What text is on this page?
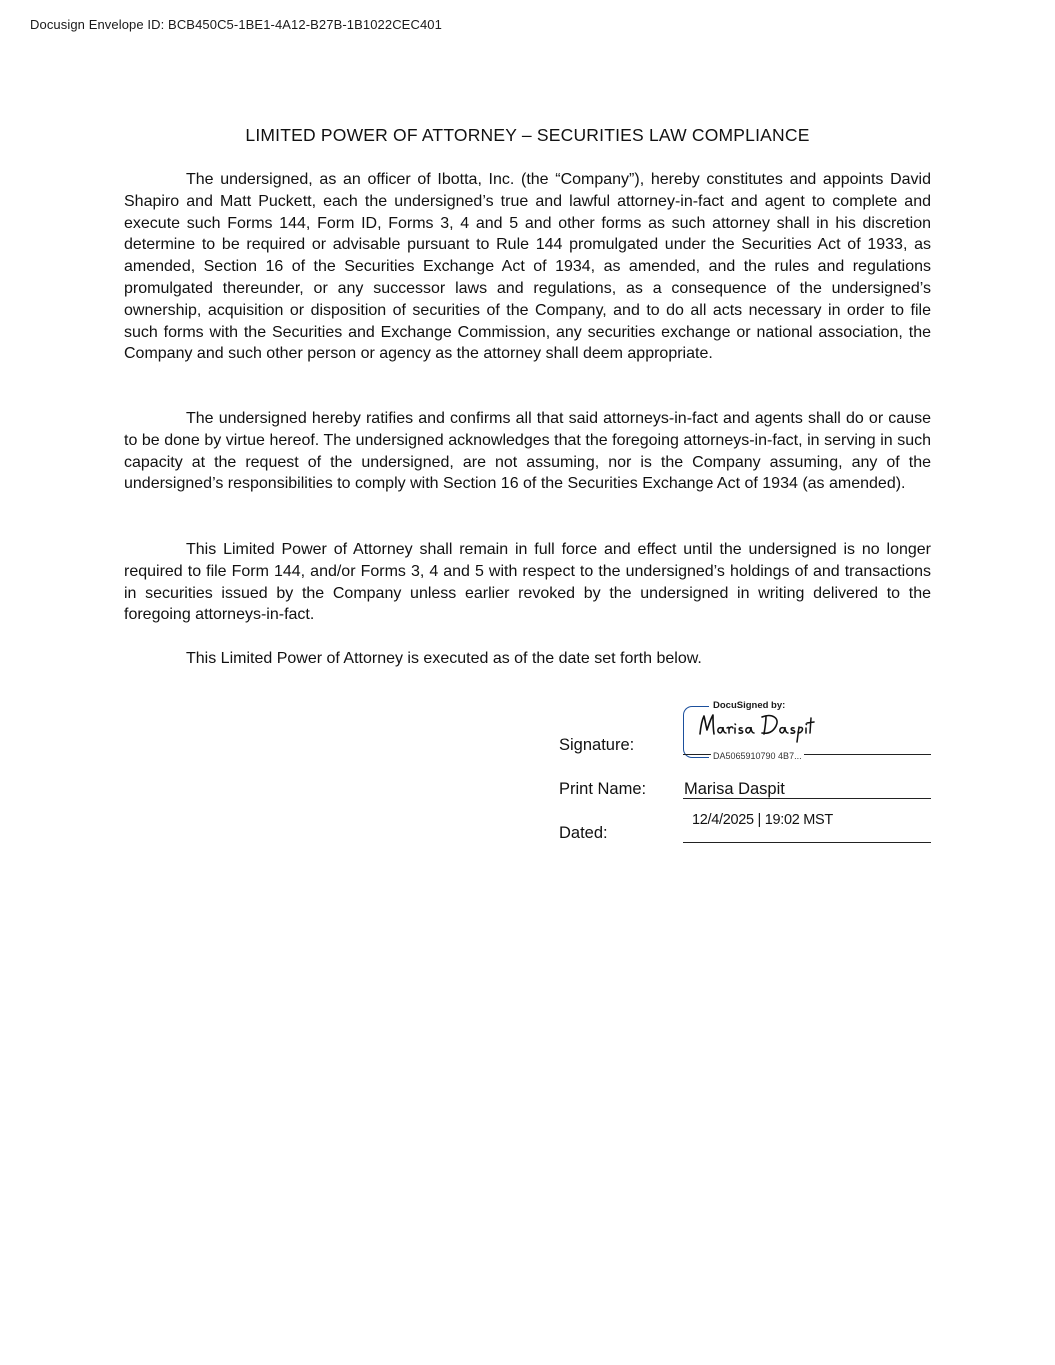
Docusign Envelope ID: BCB450C5-1BE1-4A12-B27B-1B1022CEC401
LIMITED POWER OF ATTORNEY – SECURITIES LAW COMPLIANCE

The undersigned, as an officer of Ibotta, Inc. (the “Company”), hereby constitutes and appoints David Shapiro and Matt Puckett, each the undersigned’s true and lawful attorney-in-fact and agent to complete and execute such Forms 144, Form ID, Forms 3, 4 and 5 and other forms as such attorney shall in his discretion determine to be required or advisable pursuant to Rule 144 promulgated under the Securities Act of 1933, as amended, Section 16 of the Securities Exchange Act of 1934, as amended, and the rules and regulations promulgated thereunder, or any successor laws and regulations, as a consequence of the undersigned’s ownership, acquisition or disposition of securities of the Company, and to do all acts necessary in order to file such forms with the Securities and Exchange Commission, any securities exchange or national association, the Company and such other person or agency as the attorney shall deem appropriate.

The undersigned hereby ratifies and confirms all that said attorneys-in-fact and agents shall do or cause to be done by virtue hereof. The undersigned acknowledges that the foregoing attorneys-in-fact, in serving in such capacity at the request of the undersigned, are not assuming, nor is the Company assuming, any of the undersigned’s responsibilities to comply with Section 16 of the Securities Exchange Act of 1934 (as amended).

This Limited Power of Attorney shall remain in full force and effect until the undersigned is no longer required to file Form 144, and/or Forms 3, 4 and 5 with respect to the undersigned’s holdings of and transactions in securities issued by the Company unless earlier revoked by the undersigned in writing delivered to the foregoing attorneys-in-fact.

This Limited Power of Attorney is executed as of the date set forth below.

Signature:
Print Name:
Dated:
DocuSigned by:
DA5065910790 4B7...
Marisa Daspit
12/4/2025 | 19:02 MST
